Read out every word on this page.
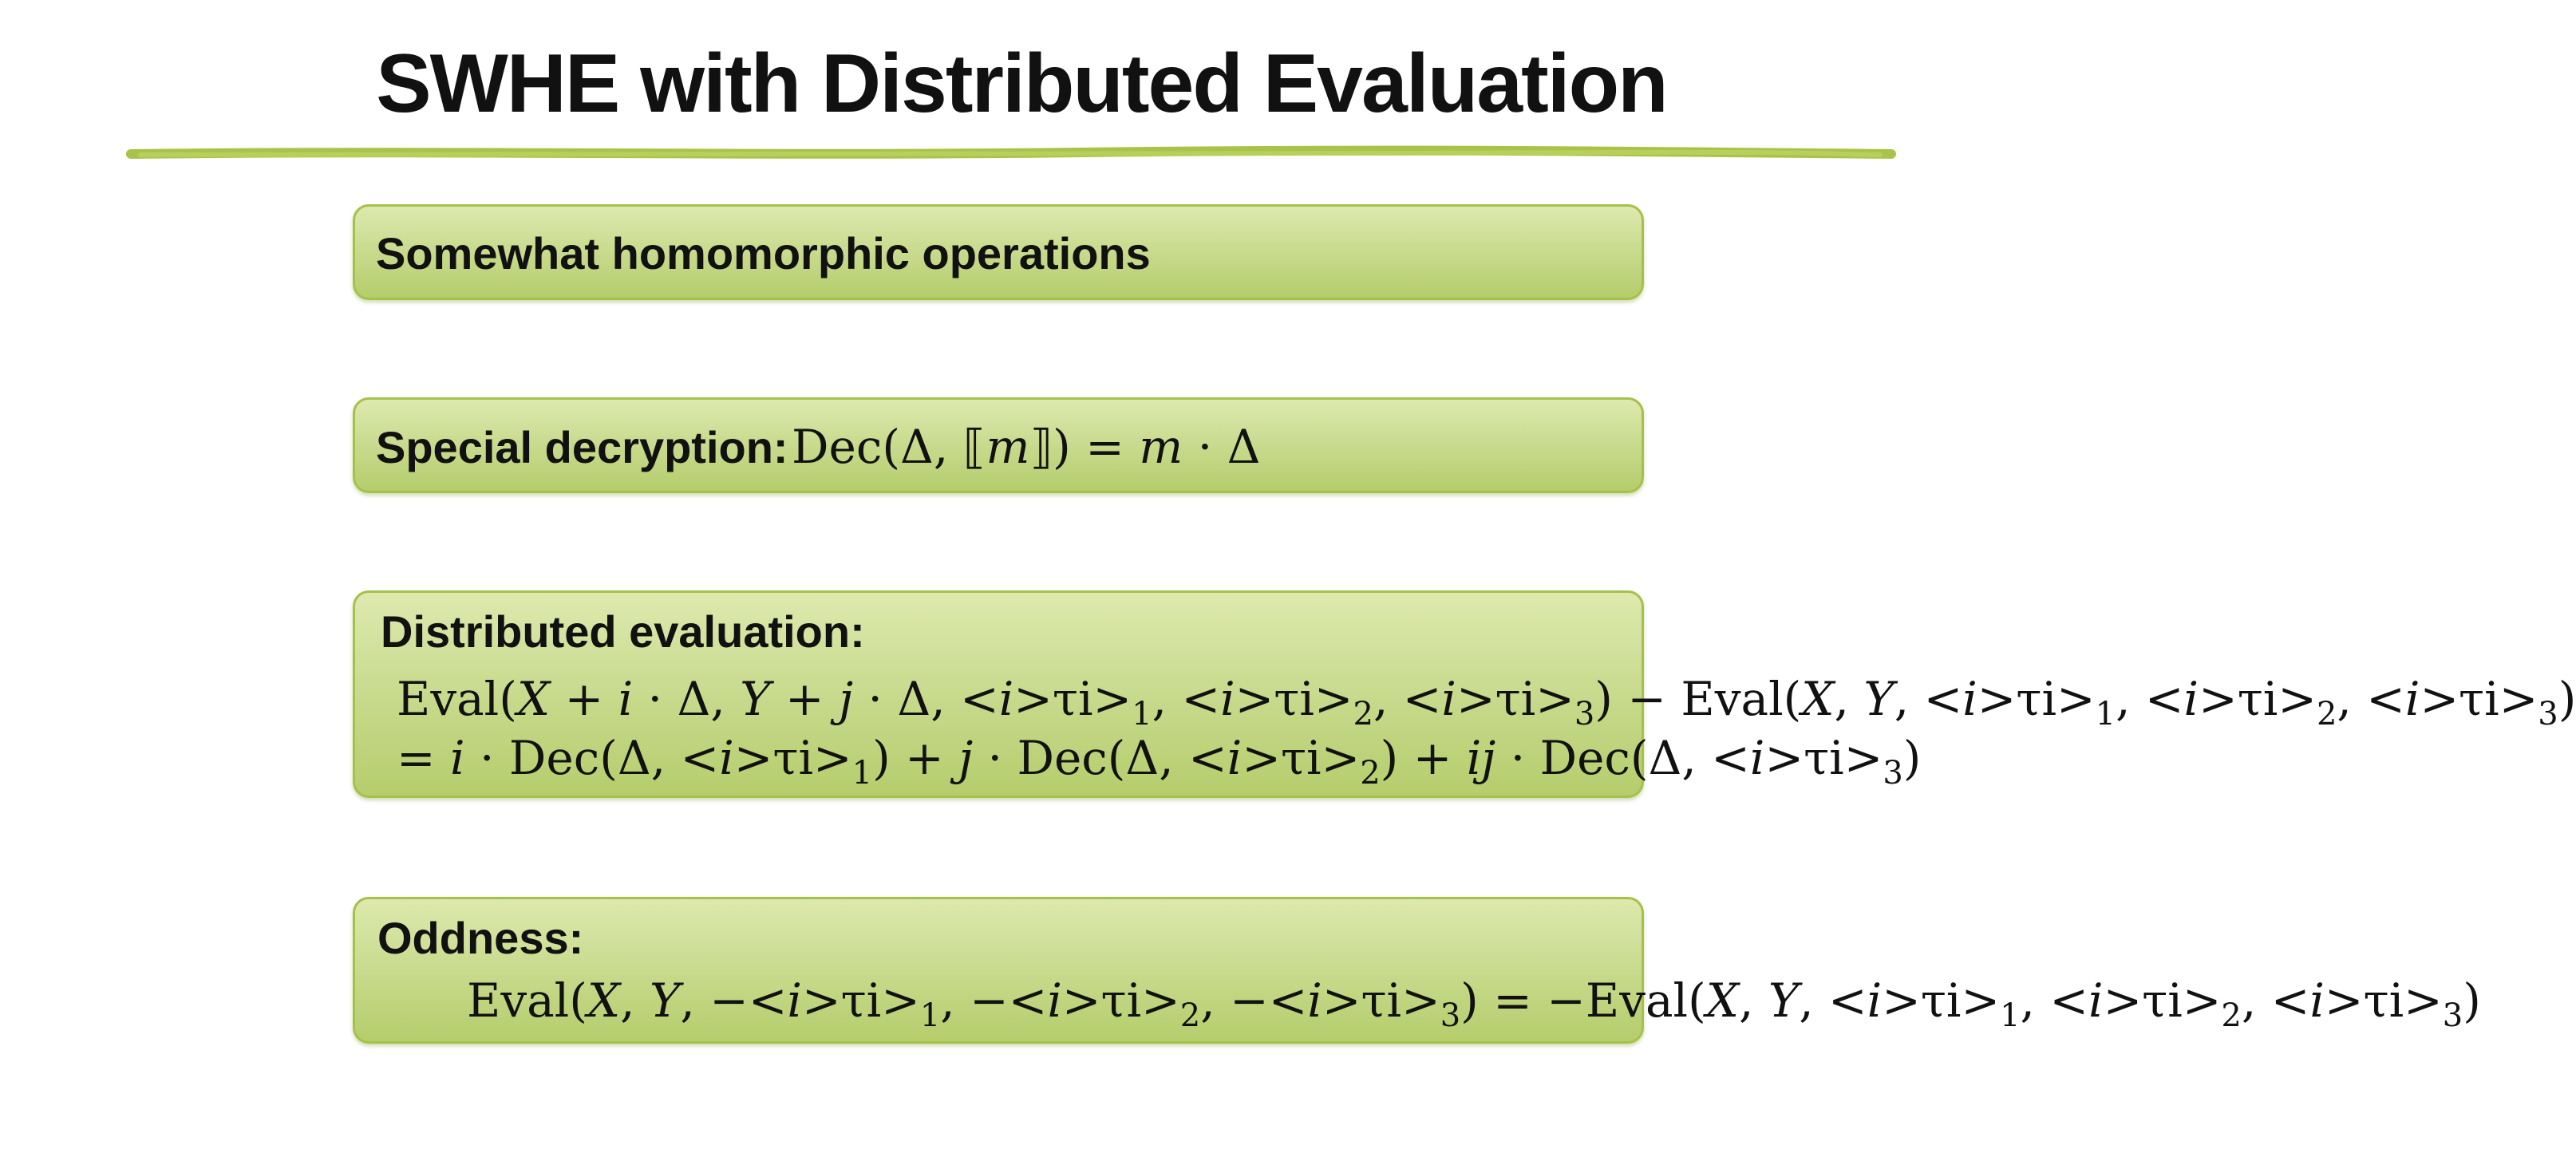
SWHE with Distributed Evaluation
Somewhat homomorphic operations
Special decryption: Dec(Δ, ⟦m⟧) = m · Δ
Distributed evaluation:
Eval(X + i · Δ, Y + j · Δ, $<i>\tau i>_1$, $<i>\tau i>_2$, $<i>\tau i>_3$) − Eval(X, Y, $<i>\tau i>_1$, $<i>\tau i>_2$, $<i>\tau i>_3$)
= i · Dec(Δ, $<i>\tau i>_1) + j \cdot Dec(\Delta$, $<i>\tau i>_2$) + ij · Dec(Δ, $<i>\tau i>_3$)
Oddness:
Eval(X, Y, $-<i>\tau i>_1$, $-<i>\tau i>_2$, $-<i>\tau i>_3$) = −Eval(X, Y, $<i>\tau i>_1$, $<i>\tau i>_2$, $<i>\tau i>_3$)
